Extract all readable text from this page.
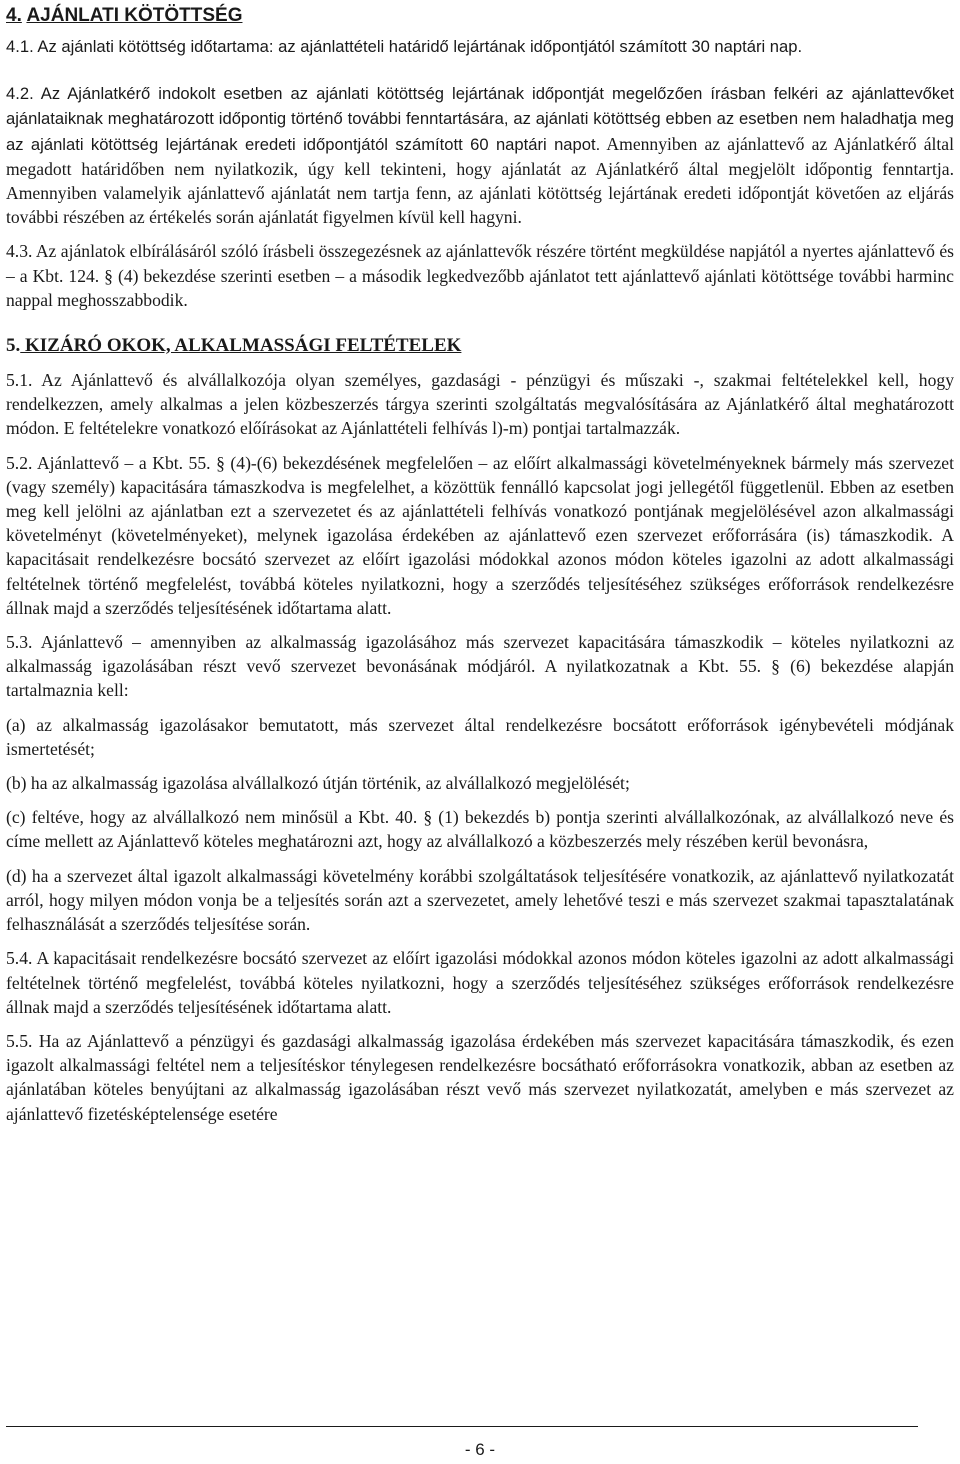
4. AJÁNLATI KÖTÖTTSÉG

4.1. Az ajánlati kötöttség időtartama: az ajánlattételi határidő lejártának időpontjától számított 30 naptári nap.

4.2. Az Ajánlatkérő indokolt esetben az ajánlati kötöttség lejártának időpontját megelőzően írásban felkéri az ajánlattevőket ajánlataiknak meghatározott időpontig történő további fenntartására, az ajánlati kötöttség ebben az esetben nem haladhatja meg az ajánlati kötöttség lejártának eredeti időpontjától számított 60 naptári napot. Amennyiben az ajánlattevő az Ajánlatkérő által megadott határidőben nem nyilatkozik, úgy kell tekinteni, hogy ajánlatát az Ajánlatkérő által megjelölt időpontig fenntartja. Amennyiben valamelyik ajánlattevő ajánlatát nem tartja fenn, az ajánlati kötöttség lejártának eredeti időpontját követően az eljárás további részében az értékelés során ajánlatát figyelmen kívül kell hagyni.

4.3. Az ajánlatok elbírálásáról szóló írásbeli összegezésnek az ajánlattevők részére történt megküldése napjától a nyertes ajánlattevő és – a Kbt. 124. § (4) bekezdése szerinti esetben – a második legkedvezőbb ajánlatot tett ajánlattevő ajánlati kötöttsége további harminc nappal meghosszabbodik.

5. KIZÁRÓ OKOK, ALKALMASSÁGI FELTÉTELEK

5.1. Az Ajánlattevő és alvállalkozója olyan személyes, gazdasági - pénzügyi és műszaki -, szakmai feltételekkel kell, hogy rendelkezzen, amely alkalmas a jelen közbeszerzés tárgya szerinti szolgáltatás megvalósítására az Ajánlatkérő által meghatározott módon. E feltételekre vonatkozó előírásokat az Ajánlattételi felhívás l)-m) pontjai tartalmazzák.

5.2. Ajánlattevő – a Kbt. 55. § (4)-(6) bekezdésének megfelelően – az előírt alkalmassági követelményeknek bármely más szervezet (vagy személy) kapacitására támaszkodva is megfelelhet, a közöttük fennálló kapcsolat jogi jellegétől függetlenül. Ebben az esetben meg kell jelölni az ajánlatban ezt a szervezetet és az ajánlattételi felhívás vonatkozó pontjának megjelölésével azon alkalmassági követelményt (követelményeket), melynek igazolása érdekében az ajánlattevő ezen szervezet erőforrására (is) támaszkodik. A kapacitásait rendelkezésre bocsátó szervezet az előírt igazolási módokkal azonos módon köteles igazolni az adott alkalmassági feltételnek történő megfelelést, továbbá köteles nyilatkozni, hogy a szerződés teljesítéséhez szükséges erőforrások rendelkezésre állnak majd a szerződés teljesítésének időtartama alatt.

5.3. Ajánlattevő – amennyiben az alkalmasság igazolásához más szervezet kapacitására támaszkodik – köteles nyilatkozni az alkalmasság igazolásában részt vevő szervezet bevonásának módjáról. A nyilatkozatnak a Kbt. 55. § (6) bekezdése alapján tartalmaznia kell:

(a) az alkalmasság igazolásakor bemutatott, más szervezet által rendelkezésre bocsátott erőforrások igénybevételi módjának ismertetését;

(b) ha az alkalmasság igazolása alvállalkozó útján történik, az alvállalkozó megjelölését;

(c) feltéve, hogy az alvállalkozó nem minősül a Kbt. 40. § (1) bekezdés b) pontja szerinti alvállalkozónak, az alvállalkozó neve és címe mellett az Ajánlattevő köteles meghatározni azt, hogy az alvállalkozó a közbeszerzés mely részében kerül bevonásra,

(d) ha a szervezet által igazolt alkalmassági követelmény korábbi szolgáltatások teljesítésére vonatkozik, az ajánlattevő nyilatkozatát arról, hogy milyen módon vonja be a teljesítés során azt a szervezetet, amely lehetővé teszi e más szervezet szakmai tapasztalatának felhasználását a szerződés teljesítése során.

5.4. A kapacitásait rendelkezésre bocsátó szervezet az előírt igazolási módokkal azonos módon köteles igazolni az adott alkalmassági feltételnek történő megfelelést, továbbá köteles nyilatkozni, hogy a szerződés teljesítéséhez szükséges erőforrások rendelkezésre állnak majd a szerződés teljesítésének időtartama alatt.

5.5. Ha az Ajánlattevő a pénzügyi és gazdasági alkalmasság igazolása érdekében más szervezet kapacitására támaszkodik, és ezen igazolt alkalmassági feltétel nem a teljesítéskor ténylegesen rendelkezésre bocsátható erőforrásokra vonatkozik, abban az esetben az ajánlatában köteles benyújtani az alkalmasság igazolásában részt vevő más szervezet nyilatkozatát, amelyben e más szervezet az ajánlattevő fizetésképtelensége esetére

- 6 -
